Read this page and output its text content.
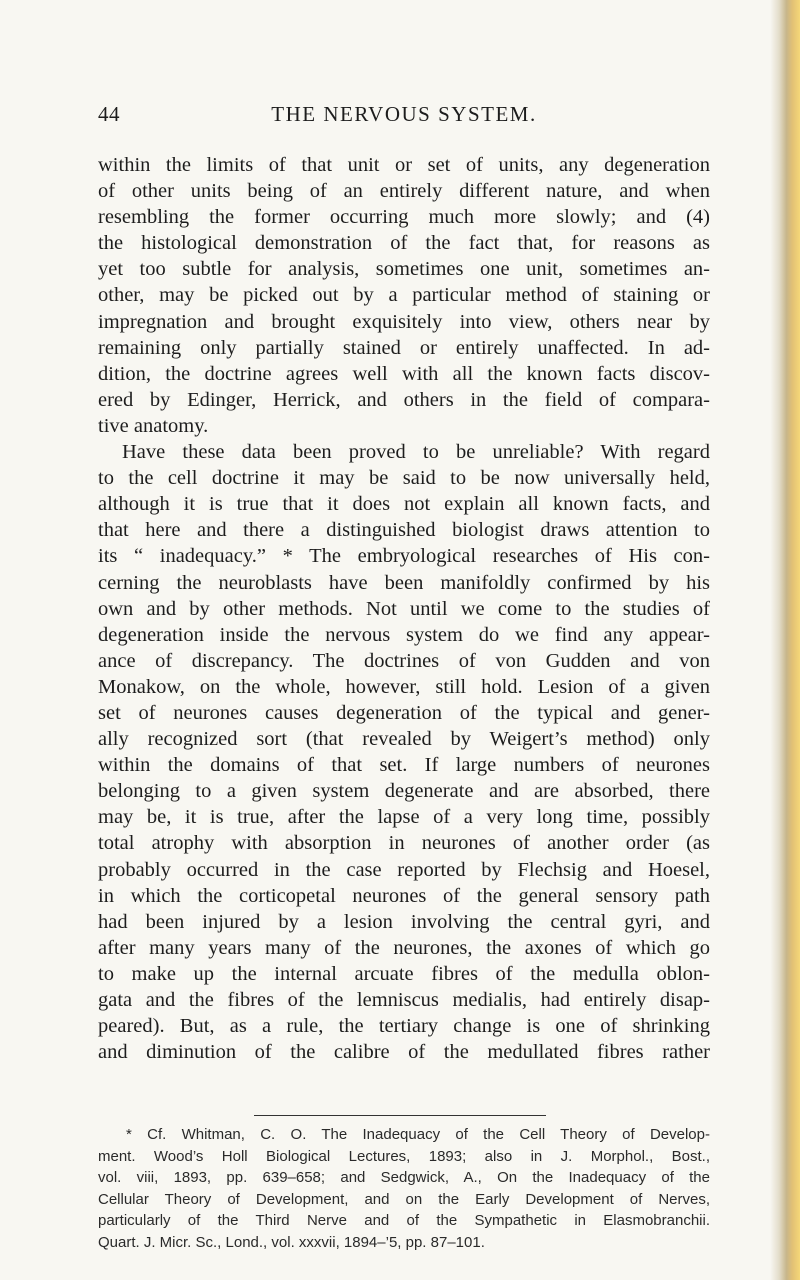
44	THE NERVOUS SYSTEM.
within the limits of that unit or set of units, any degeneration
of other units being of an entirely different nature, and when
resembling the former occurring much more slowly; and (4)
the histological demonstration of the fact that, for reasons as
yet too subtle for analysis, sometimes one unit, sometimes an-
other, may be picked out by a particular method of staining or
impregnation and brought exquisitely into view, others near by
remaining only partially stained or entirely unaffected. In ad-
dition, the doctrine agrees well with all the known facts discov-
ered by Edinger, Herrick, and others in the field of compara-
tive anatomy.
Have these data been proved to be unreliable? With regard
to the cell doctrine it may be said to be now universally held,
although it is true that it does not explain all known facts, and
that here and there a distinguished biologist draws attention to
its “ inadequacy.” * The embryological researches of His con-
cerning the neuroblasts have been manifoldly confirmed by his
own and by other methods. Not until we come to the studies of
degeneration inside the nervous system do we find any appear-
ance of discrepancy. The doctrines of von Gudden and von
Monakow, on the whole, however, still hold. Lesion of a given
set of neurones causes degeneration of the typical and gener-
ally recognized sort (that revealed by Weigert’s method) only
within the domains of that set. If large numbers of neurones
belonging to a given system degenerate and are absorbed, there
may be, it is true, after the lapse of a very long time, possibly
total atrophy with absorption in neurones of another order (as
probably occurred in the case reported by Flechsig and Hoesel,
in which the corticopetal neurones of the general sensory path
had been injured by a lesion involving the central gyri, and
after many years many of the neurones, the axones of which go
to make up the internal arcuate fibres of the medulla oblon-
gata and the fibres of the lemniscus medialis, had entirely disap-
peared). But, as a rule, the tertiary change is one of shrinking
and diminution of the calibre of the medullated fibres rather
* Cf. Whitman, C. O. The Inadequacy of the Cell Theory of Develop-
ment. Wood’s Holl Biological Lectures, 1893; also in J. Morphol., Bost.,
vol. viii, 1893, pp. 639–658; and Sedgwick, A., On the Inadequacy of the
Cellular Theory of Development, and on the Early Development of Nerves,
particularly of the Third Nerve and of the Sympathetic in Elasmobranchii.
Quart. J. Micr. Sc., Lond., vol. xxxvii, 1894–’5, pp. 87–101.
